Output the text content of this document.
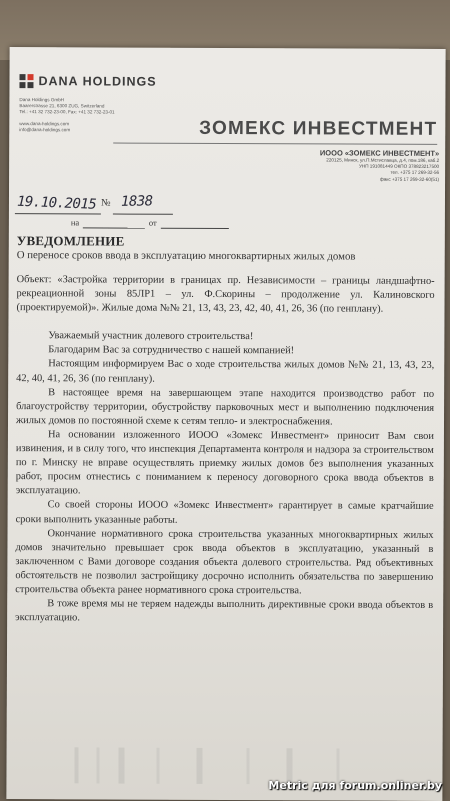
DANA HOLDINGS
Dana Holdings GmbH
Baarerstrasse 21, 6300 ZUG, Switzerland
Tel.: +41 32 732-23-00, Fax: +41 32 732-23-01

www.dana-holdings.com
info@dana-holdings.com	ЗОМЕКС ИНВЕСТМЕНТ
ИООО «ЗОМЕКС ИНВЕСТМЕНТ»
220125, Минск, ул.П.Мстиславца, д.4, пом.186, каб.2
УНП 191081449 ОКПО 378823217500
тел. +375 17 269-32-56
факс +375 17 269-32-60(51)
19.10.2015 № 1838
на	от
УВЕДОМЛЕНИЕ
О переносе сроков ввода в эксплуатацию многоквартирных жилых домов

Объект: «Застройка территории в границах пр. Независимости – границы ландшафтно-рекреационной зоны 85ЛР1 – ул. Ф.Скорины – продолжение ул. Калиновского (проектируемой)». Жилые дома №№ 21, 13, 43, 23, 42, 40, 41, 26, 36 (по генплану).

Уважаемый участник долевого строительства!

Благодарим Вас за сотрудничество с нашей компанией!

Настоящим информируем Вас о ходе строительства жилых домов №№ 21, 13, 43, 23, 42, 40, 41, 26, 36 (по генплану).

В настоящее время на завершающем этапе находится производство работ по благоустройству территории, обустройству парковочных мест и выполнению подключения жилых домов по постоянной схеме к сетям тепло- и электроснабжения.

На основании изложенного ИООО «Зомекс Инвестмент» приносит Вам свои извинения, и в силу того, что инспекция Департамента контроля и надзора за строительством по г. Минску не вправе осуществлять приемку жилых домов без выполнения указанных работ, просим отнестись с пониманием к переносу договорного срока ввода объектов в эксплуатацию.

Со своей стороны ИООО «Зомекс Инвестмент» гарантирует в самые кратчайшие сроки выполнить указанные работы.

Окончание нормативного срока строительства указанных многоквартирных жилых домов значительно превышает срок ввода объектов в эксплуатацию, указанный в заключенном с Вами договоре создания объекта долевого строительства. Ряд объективных обстоятельств не позволил застройщику досрочно исполнить обязательства по завершению строительства объекта ранее нормативного срока строительства.

В тоже время мы не теряем надежды выполнить директивные сроки ввода объектов в эксплуатацию.

Metric для forum.onliner.by
